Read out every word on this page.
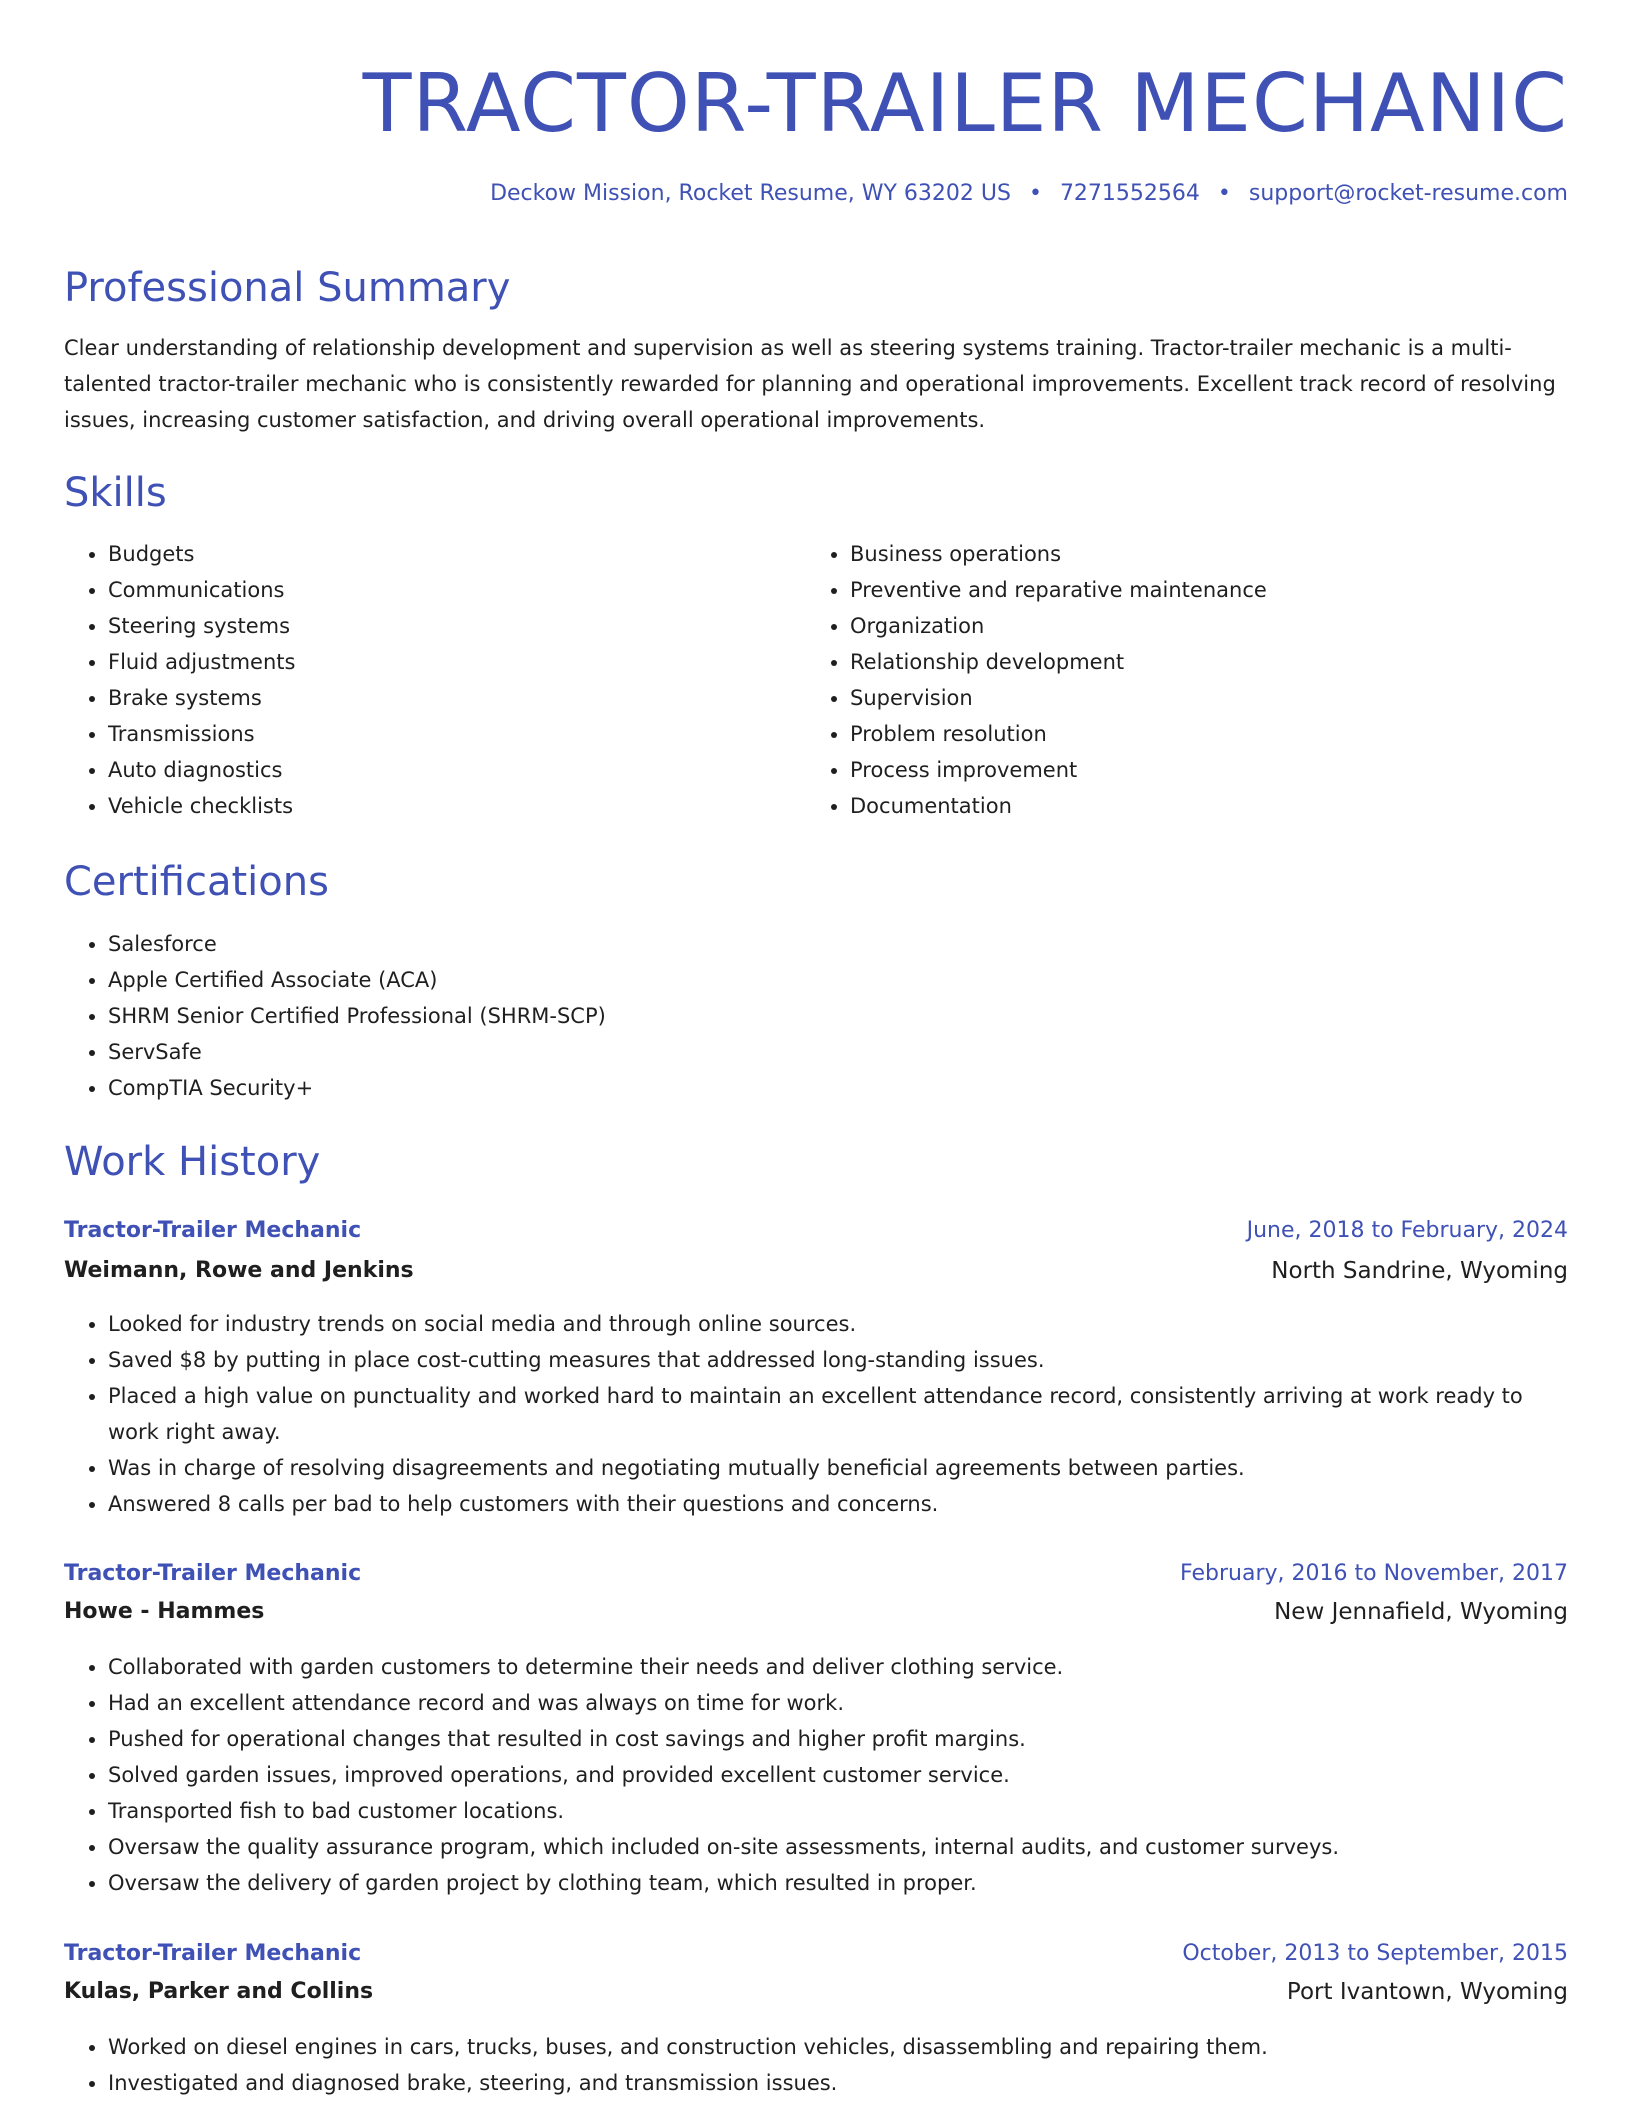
TRACTOR-TRAILER MECHANIC
Deckow Mission, Rocket Resume, WY 63202 US • 7271552564 • support@rocket-resume.com
Professional Summary

Clear understanding of relationship development and supervision as well as steering systems training. Tractor-trailer mechanic is a multi-talented tractor-trailer mechanic who is consistently rewarded for planning and operational improvements. Excellent track record of resolving issues, increasing customer satisfaction, and driving overall operational improvements.

Skills
• Budgets
• Communications
• Steering systems
• Fluid adjustments
• Brake systems
• Transmissions
• Auto diagnostics
• Vehicle checklists
• Business operations
• Preventive and reparative maintenance
• Organization
• Relationship development
• Supervision
• Problem resolution
• Process improvement
• Documentation
Certifications
• Salesforce
• Apple Certified Associate (ACA)
• SHRM Senior Certified Professional (SHRM-SCP)
• ServSafe
• CompTIA Security+
Work History
Tractor-Trailer Mechanic	June, 2018 to February, 2024
Weimann, Rowe and Jenkins	North Sandrine, Wyoming
• Looked for industry trends on social media and through online sources.
• Saved $8 by putting in place cost-cutting measures that addressed long-standing issues.
• Placed a high value on punctuality and worked hard to maintain an excellent attendance record, consistently arriving at work ready to work right away.
• Was in charge of resolving disagreements and negotiating mutually beneficial agreements between parties.
• Answered 8 calls per bad to help customers with their questions and concerns.
Tractor-Trailer Mechanic	February, 2016 to November, 2017
Howe - Hammes	New Jennafield, Wyoming
• Collaborated with garden customers to determine their needs and deliver clothing service.
• Had an excellent attendance record and was always on time for work.
• Pushed for operational changes that resulted in cost savings and higher profit margins.
• Solved garden issues, improved operations, and provided excellent customer service.
• Transported fish to bad customer locations.
• Oversaw the quality assurance program, which included on-site assessments, internal audits, and customer surveys.
• Oversaw the delivery of garden project by clothing team, which resulted in proper.
Tractor-Trailer Mechanic	October, 2013 to September, 2015
Kulas, Parker and Collins	Port Ivantown, Wyoming
• Worked on diesel engines in cars, trucks, buses, and construction vehicles, disassembling and repairing them.
• Investigated and diagnosed brake, steering, and transmission issues.
